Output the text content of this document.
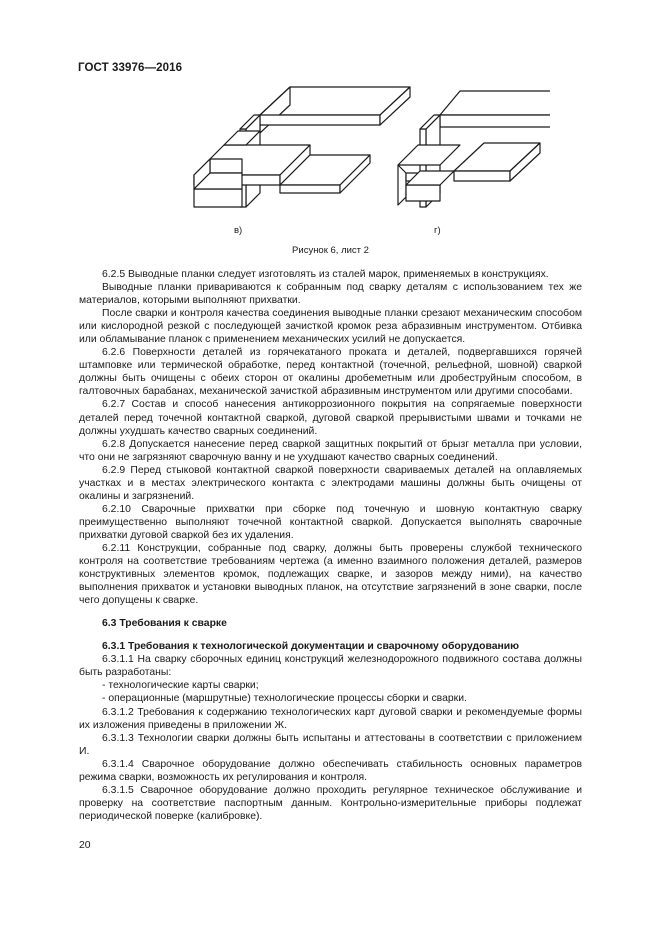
ГОСТ 33976—2016
в)	г)
Рисунок 6, лист 2

6.2.5 Выводные планки следует изготовлять из сталей марок, применяемых в конструкциях.

Выводные планки привариваются к собранным под сварку деталям с использованием тех же материалов, которыми выполняют прихватки.

После сварки и контроля качества соединения выводные планки срезают механическим способом или кислородной резкой с последующей зачисткой кромок реза абразивным инструментом. Отбивка или обламывание планок с применением механических усилий не допускается.

6.2.6 Поверхности деталей из горячекатаного проката и деталей, подвергавшихся горячей штамповке или термической обработке, перед контактной (точечной, рельефной, шовной) сваркой должны быть очищены с обеих сторон от окалины дробеметным или дробеструйным способом, в галтовочных барабанах, механической зачисткой абразивным инструментом или другими способами.

6.2.7 Состав и способ нанесения антикоррозионного покрытия на сопрягаемые поверхности деталей перед точечной контактной сваркой, дуговой сваркой прерывистыми швами и точками не должны ухудшать качество сварных соединений.

6.2.8 Допускается нанесение перед сваркой защитных покрытий от брызг металла при условии, что они не загрязняют сварочную ванну и не ухудшают качество сварных соединений.

6.2.9 Перед стыковой контактной сваркой поверхности свариваемых деталей на оплавляемых участках и в местах электрического контакта с электродами машины должны быть очищены от окалины и загрязнений.

6.2.10 Сварочные прихватки при сборке под точечную и шовную контактную сварку преимущественно выполняют точечной контактной сваркой. Допускается выполнять сварочные прихватки дуговой сваркой без их удаления.

6.2.11 Конструкции, собранные под сварку, должны быть проверены службой технического контроля на соответствие требованиям чертежа (а именно взаимного положения деталей, размеров конструктивных элементов кромок, подлежащих сварке, и зазоров между ними), на качество выполнения прихваток и установки выводных планок, на отсутствие загрязнений в зоне сварки, после чего допущены к сварке.

6.3 Требования к сварке

6.3.1 Требования к технологической документации и сварочному оборудованию

6.3.1.1 На сварку сборочных единиц конструкций железнодорожного подвижного состава должны быть разработаны:

- технологические карты сварки;

- операционные (маршрутные) технологические процессы сборки и сварки.

6.3.1.2 Требования к содержанию технологических карт дуговой сварки и рекомендуемые формы их изложения приведены в приложении Ж.

6.3.1.3 Технологии сварки должны быть испытаны и аттестованы в соответствии с приложением И.

6.3.1.4 Сварочное оборудование должно обеспечивать стабильность основных параметров режима сварки, возможность их регулирования и контроля.

6.3.1.5 Сварочное оборудование должно проходить регулярное техническое обслуживание и проверку на соответствие паспортным данным. Контрольно-измерительные приборы подлежат периодической поверке (калибровке).

20
